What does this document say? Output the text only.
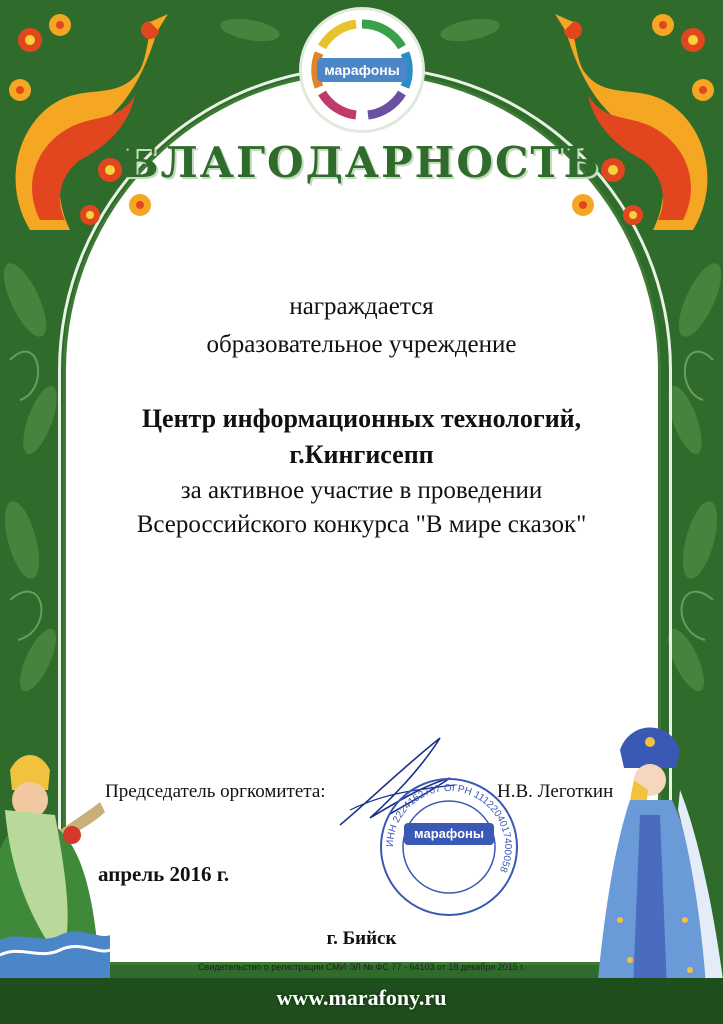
марафоны
БЛАГОДАРНОСТЬ
награждается
образовательное учреждение
Центр информационных технологий,
г.Кингисепп
за активное участие в проведении
Всероссийского конкурса "В мире сказок"
Председатель оргкомитета:	Н.В. Леготкин
ИНН 2224152707 ОГРН 1112204017400058
марафоны
апрель 2016 г.
г. Бийск
Свидетельство о регистрации СМИ ЭЛ № ФС 77 - 64103 от 18 декабря 2015 г.
www.marafony.ru
